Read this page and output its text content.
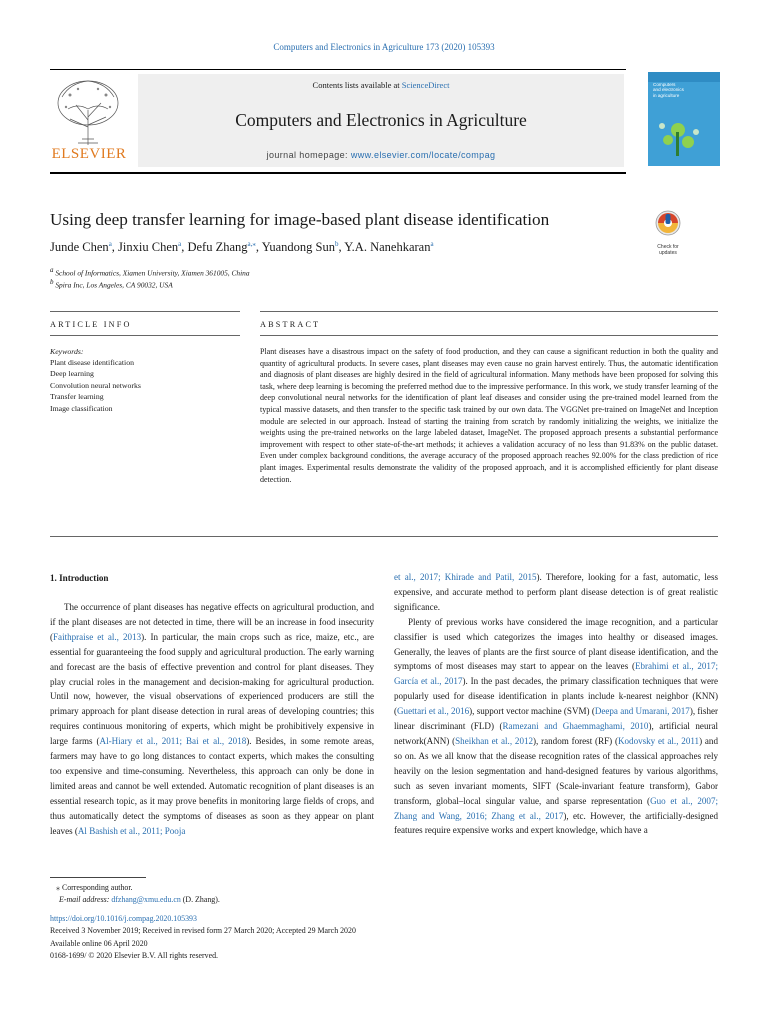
Computers and Electronics in Agriculture 173 (2020) 105393
ELSEVIER
Contents lists available at ScienceDirect
Computers and Electronics in Agriculture
journal homepage: www.elsevier.com/locate/compag
Computers
and electronics
in agriculture
Using deep transfer learning for image-based plant disease identification
Check for
updates
Junde Chen$^a$, Jinxiu Chen$^a$, Defu Zhang$^{a,⁎}$, Yuandong Sun$^b$, Y.A. Nanehkaran$^a$
$^a$ School of Informatics, Xiamen University, Xiamen 361005, China
$^b$ Spira Inc, Los Angeles, CA 90032, USA
ARTICLE INFO	ABSTRACT
Keywords:
Plant disease identification
Deep learning
Convolution neural networks
Transfer learning
Image classification
Plant diseases have a disastrous impact on the safety of food production, and they can cause a significant reduction in both the quality and quantity of agricultural products. In severe cases, plant diseases may even cause no grain harvest entirely. Thus, the automatic identification and diagnosis of plant diseases are highly desired in the field of agricultural information. Many methods have been proposed for solving this task, where deep learning is becoming the preferred method due to the impressive performance. In this work, we study transfer learning of the deep convolutional neural networks for the identification of plant leaf diseases and consider using the pre-trained model learned from the typical massive datasets, and then transfer to the specific task trained by our own data. The VGGNet pre-trained on ImageNet and Inception module are selected in our approach. Instead of starting the training from scratch by randomly initializing the weights, we initialize the weights using the pre-trained networks on the large labeled dataset, ImageNet. The proposed approach presents a substantial performance improvement with respect to other state-of-the-art methods; it achieves a validation accuracy of no less than 91.83% on the public dataset. Even under complex background conditions, the average accuracy of the proposed approach reaches 92.00% for the class prediction of rice plant images. Experimental results demonstrate the validity of the proposed approach, and it is accomplished efficiently for plant disease detection.
1. Introduction

The occurrence of plant diseases has negative effects on agricultural production, and if the plant diseases are not detected in time, there will be an increase in food insecurity (Faithpraise et al., 2013). In particular, the main crops such as rice, maize, etc., are essential for guaranteeing the food supply and agricultural production. The early warning and forecast are the basis of effective prevention and control for plant diseases. They play crucial roles in the management and decision-making for agricultural production. Until now, however, the visual observations of experienced producers are still the primary approach for plant disease detection in rural areas of developing countries; this requires continuous monitoring of experts, which might be prohibitively expensive in large farms (Al-Hiary et al., 2011; Bai et al., 2018). Besides, in some remote areas, farmers may have to go long distances to contact experts, which makes the consulting too expensive and time-consuming. Nevertheless, this approach can only be done in limited areas and cannot be well extended. Automatic recognition of plant diseases is an essential research topic, as it may prove benefits in monitoring large fields of crops, and thus automatically detect the symptoms of diseases as soon as they appear on plant leaves (Al Bashish et al., 2011; Pooja

et al., 2017; Khirade and Patil, 2015). Therefore, looking for a fast, automatic, less expensive, and accurate method to perform plant disease detection is of great realistic significance.

Plenty of previous works have considered the image recognition, and a particular classifier is used which categorizes the images into healthy or diseased images. Generally, the leaves of plants are the first source of plant disease identification, and the symptoms of most diseases may start to appear on the leaves (Ebrahimi et al., 2017; García et al., 2017). In the past decades, the primary classification techniques that were popularly used for disease identification in plants include k-nearest neighbor (KNN) (Guettari et al., 2016), support vector machine (SVM) (Deepa and Umarani, 2017), fisher linear discriminant (FLD) (Ramezani and Ghaemmaghami, 2010), artificial neural network(ANN) (Sheikhan et al., 2012), random forest (RF) (Kodovsky et al., 2011) and so on. As we all know that the disease recognition rates of the classical approaches rely heavily on the lesion segmentation and hand-designed features by various algorithms, such as seven invariant moments, SIFT (Scale-invariant feature transform), Gabor transform, global–local singular value, and sparse representation (Guo et al., 2007; Zhang and Wang, 2016; Zhang et al., 2017), etc. However, the artificially-designed features require expensive works and expert knowledge, which have a

⁎ Corresponding author.
E-mail address: dfzhang@xmu.edu.cn (D. Zhang).
https://doi.org/10.1016/j.compag.2020.105393
Received 3 November 2019; Received in revised form 27 March 2020; Accepted 29 March 2020
Available online 06 April 2020
0168-1699/ © 2020 Elsevier B.V. All rights reserved.
